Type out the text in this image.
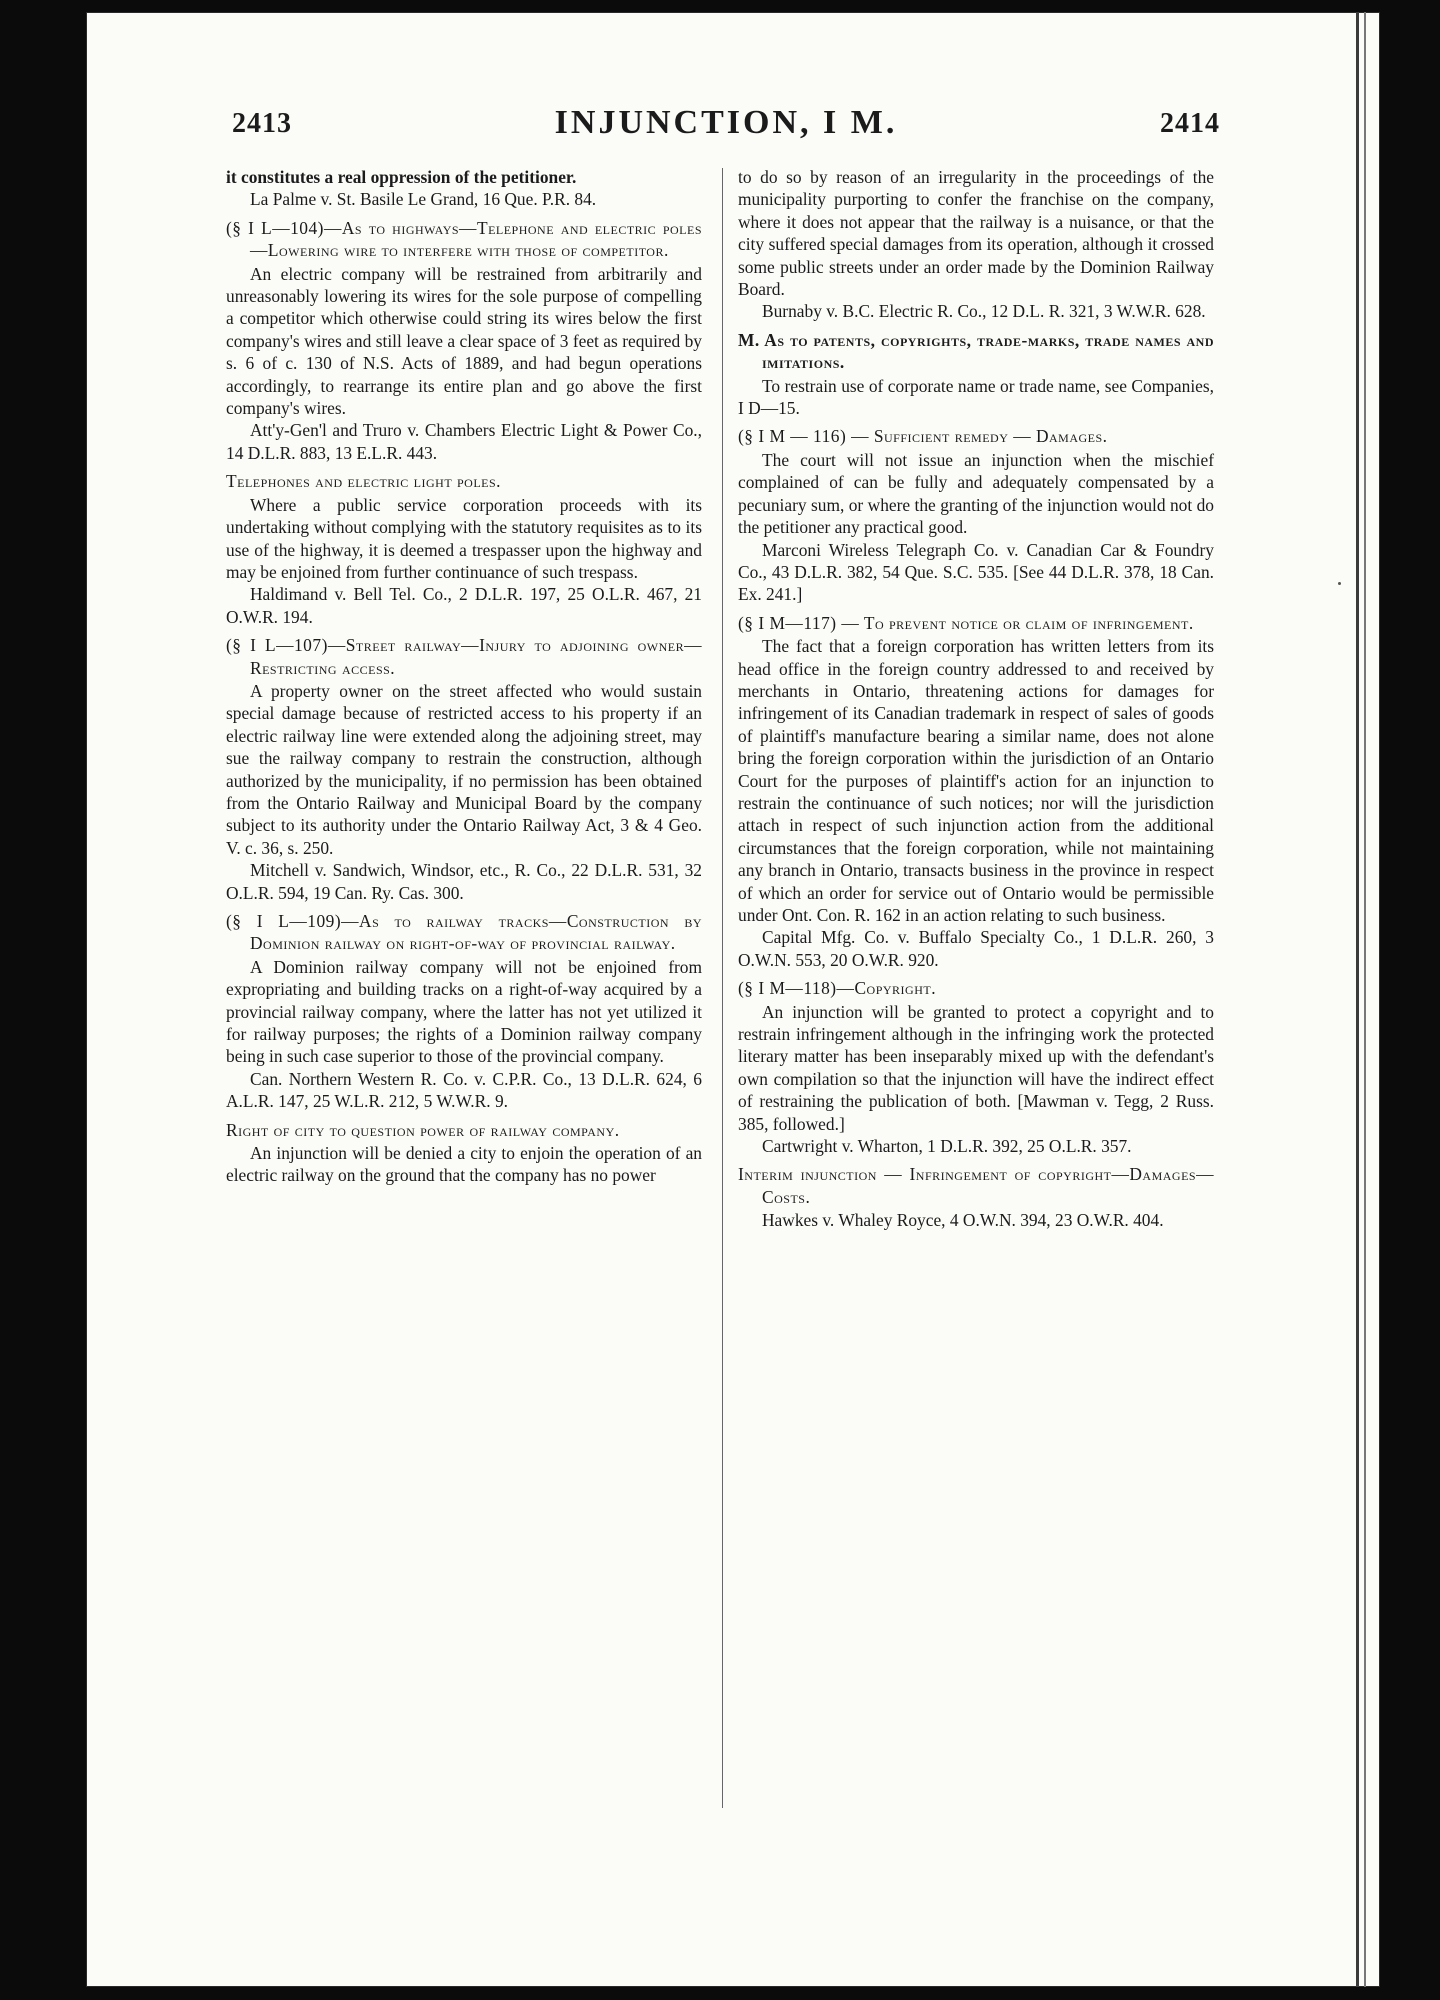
2413	INJUNCTION, I M.	2414

it constitutes a real oppression of the petitioner.

La Palme v. St. Basile Le Grand, 16 Que. P.R. 84.

(§ I L—104)—As to highways—Telephone and electric poles—Lowering wire to interfere with those of competitor.

An electric company will be restrained from arbitrarily and unreasonably lowering its wires for the sole purpose of compelling a competitor which otherwise could string its wires below the first company's wires and still leave a clear space of 3 feet as required by s. 6 of c. 130 of N.S. Acts of 1889, and had begun operations accordingly, to rearrange its entire plan and go above the first company's wires.

Att'y-Gen'l and Truro v. Chambers Electric Light & Power Co., 14 D.L.R. 883, 13 E.L.R. 443.

Telephones and electric light poles.

Where a public service corporation proceeds with its undertaking without complying with the statutory requisites as to its use of the highway, it is deemed a trespasser upon the highway and may be enjoined from further continuance of such trespass.

Haldimand v. Bell Tel. Co., 2 D.L.R. 197, 25 O.L.R. 467, 21 O.W.R. 194.

(§ I L—107)—Street railway—Injury to adjoining owner—Restricting access.

A property owner on the street affected who would sustain special damage because of restricted access to his property if an electric railway line were extended along the adjoining street, may sue the railway company to restrain the construction, although authorized by the municipality, if no permission has been obtained from the Ontario Railway and Municipal Board by the company subject to its authority under the Ontario Railway Act, 3 & 4 Geo. V. c. 36, s. 250.

Mitchell v. Sandwich, Windsor, etc., R. Co., 22 D.L.R. 531, 32 O.L.R. 594, 19 Can. Ry. Cas. 300.

(§ I L—109)—As to railway tracks—Construction by Dominion railway on right-of-way of provincial railway.

A Dominion railway company will not be enjoined from expropriating and building tracks on a right-of-way acquired by a provincial railway company, where the latter has not yet utilized it for railway purposes; the rights of a Dominion railway company being in such case superior to those of the provincial company.

Can. Northern Western R. Co. v. C.P.R. Co., 13 D.L.R. 624, 6 A.L.R. 147, 25 W.L.R. 212, 5 W.W.R. 9.

Right of city to question power of railway company.

An injunction will be denied a city to enjoin the operation of an electric railway on the ground that the company has no power

to do so by reason of an irregularity in the proceedings of the municipality purporting to confer the franchise on the company, where it does not appear that the railway is a nuisance, or that the city suffered special damages from its operation, although it crossed some public streets under an order made by the Dominion Railway Board.

Burnaby v. B.C. Electric R. Co., 12 D.L. R. 321, 3 W.W.R. 628.

M. As to patents, copyrights, trade-marks, trade names and imitations.

To restrain use of corporate name or trade name, see Companies, I D—15.

(§ I M — 116) — Sufficient remedy — Damages.

The court will not issue an injunction when the mischief complained of can be fully and adequately compensated by a pecuniary sum, or where the granting of the injunction would not do the petitioner any practical good.

Marconi Wireless Telegraph Co. v. Canadian Car & Foundry Co., 43 D.L.R. 382, 54 Que. S.C. 535. [See 44 D.L.R. 378, 18 Can. Ex. 241.]

(§ I M—117) — To prevent notice or claim of infringement.

The fact that a foreign corporation has written letters from its head office in the foreign country addressed to and received by merchants in Ontario, threatening actions for damages for infringement of its Canadian trademark in respect of sales of goods of plaintiff's manufacture bearing a similar name, does not alone bring the foreign corporation within the jurisdiction of an Ontario Court for the purposes of plaintiff's action for an injunction to restrain the continuance of such notices; nor will the jurisdiction attach in respect of such injunction action from the additional circumstances that the foreign corporation, while not maintaining any branch in Ontario, transacts business in the province in respect of which an order for service out of Ontario would be permissible under Ont. Con. R. 162 in an action relating to such business.

Capital Mfg. Co. v. Buffalo Specialty Co., 1 D.L.R. 260, 3 O.W.N. 553, 20 O.W.R. 920.

(§ I M—118)—Copyright.

An injunction will be granted to protect a copyright and to restrain infringement although in the infringing work the protected literary matter has been inseparably mixed up with the defendant's own compilation so that the injunction will have the indirect effect of restraining the publication of both. [Mawman v. Tegg, 2 Russ. 385, followed.]

Cartwright v. Wharton, 1 D.L.R. 392, 25 O.L.R. 357.

Interim injunction — Infringement of copyright—Damages—Costs.

Hawkes v. Whaley Royce, 4 O.W.N. 394, 23 O.W.R. 404.
